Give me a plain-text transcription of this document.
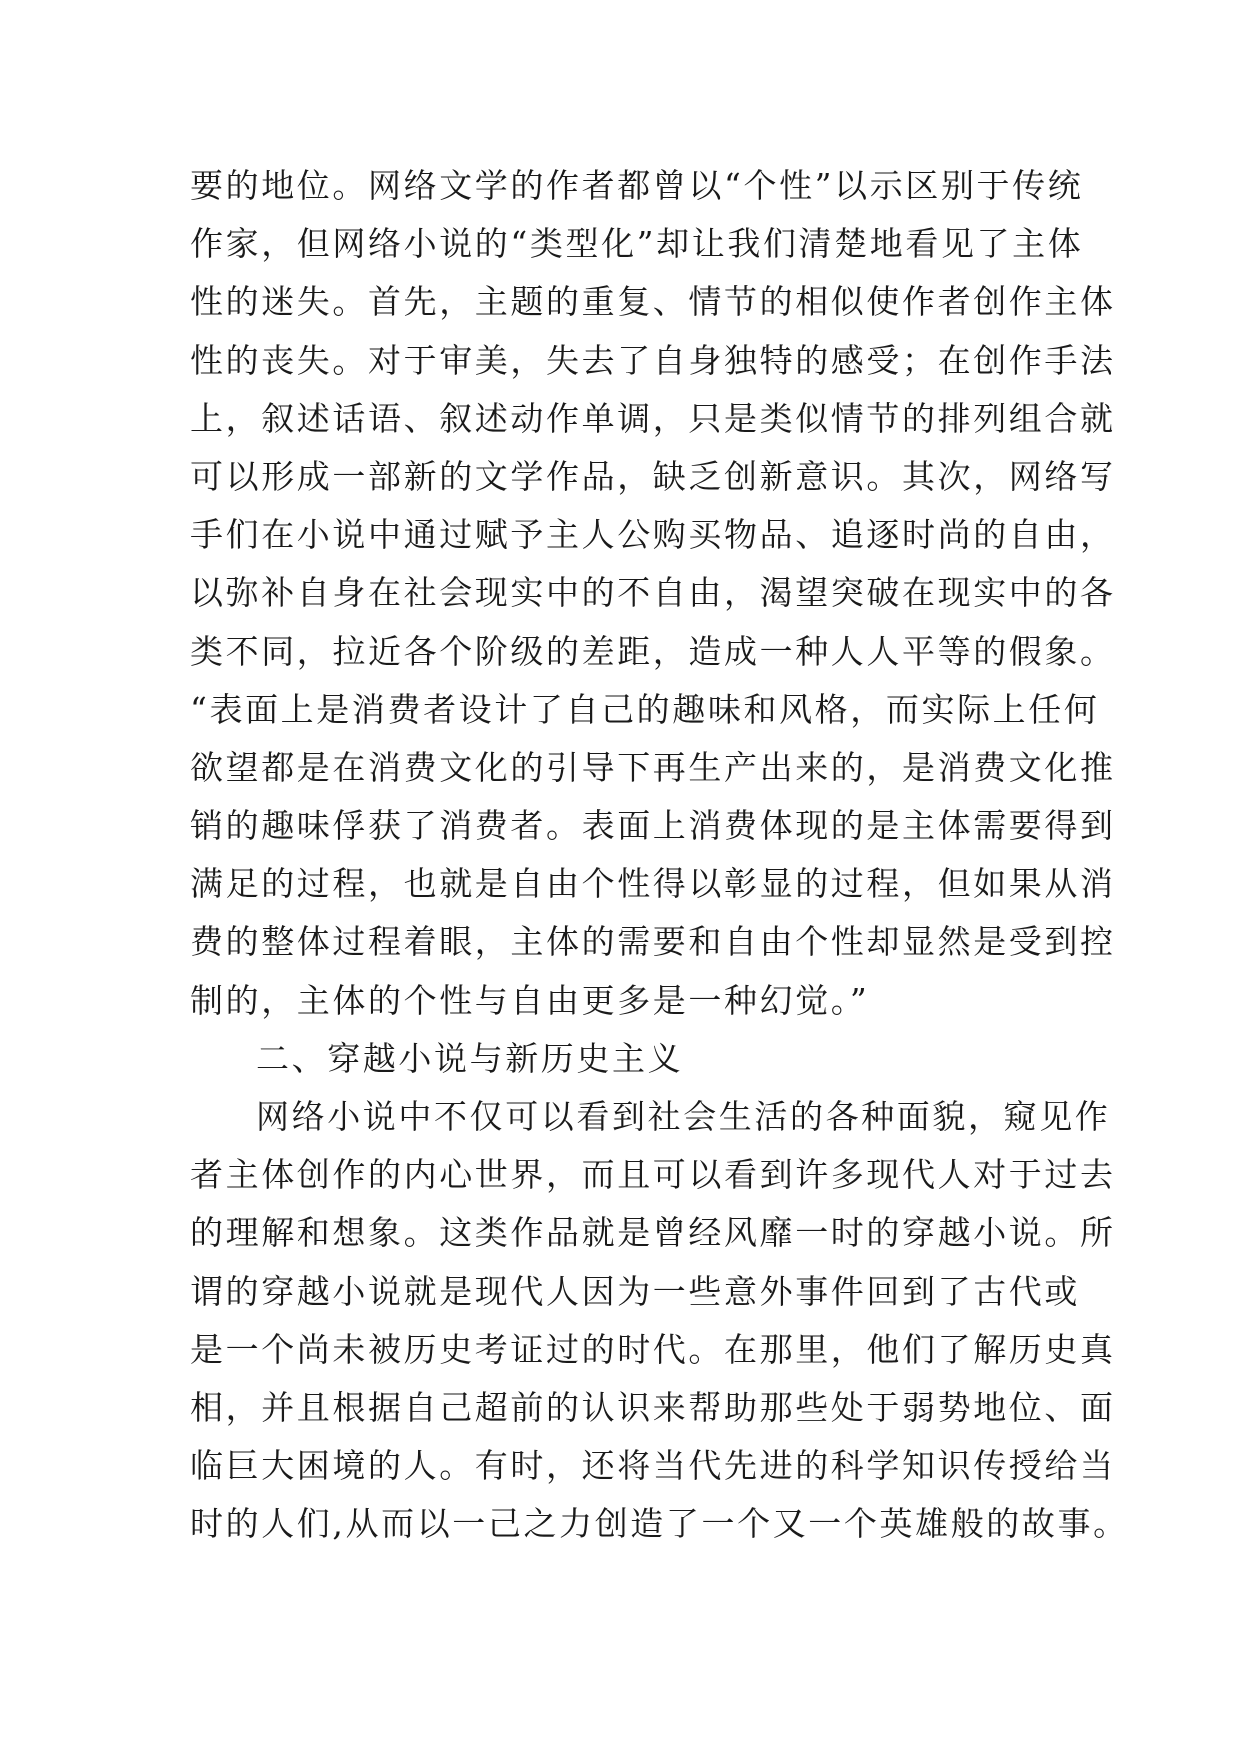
要的地位。网络文学的作者都曾以“个性”以示区别于传统
作家，但网络小说的“类型化”却让我们清楚地看见了主体
性的迷失。首先，主题的重复、情节的相似使作者创作主体
性的丧失。对于审美，失去了自身独特的感受；在创作手法
上，叙述话语、叙述动作单调，只是类似情节的排列组合就
可以形成一部新的文学作品，缺乏创新意识。其次，网络写
手们在小说中通过赋予主人公购买物品、追逐时尚的自由，
以弥补自身在社会现实中的不自由，渴望突破在现实中的各
类不同，拉近各个阶级的差距，造成一种人人平等的假象。
“表面上是消费者设计了自己的趣味和风格，而实际上任何
欲望都是在消费文化的引导下再生产出来的，是消费文化推
销的趣味俘获了消费者。表面上消费体现的是主体需要得到
满足的过程，也就是自由个性得以彰显的过程，但如果从消
费的整体过程着眼，主体的需要和自由个性却显然是受到控
制的，主体的个性与自由更多是一种幻觉。”
二、穿越小说与新历史主义
网络小说中不仅可以看到社会生活的各种面貌，窥见作
者主体创作的内心世界，而且可以看到许多现代人对于过去
的理解和想象。这类作品就是曾经风靡一时的穿越小说。所
谓的穿越小说就是现代人因为一些意外事件回到了古代或
是一个尚未被历史考证过的时代。在那里，他们了解历史真
相，并且根据自己超前的认识来帮助那些处于弱势地位、面
临巨大困境的人。有时，还将当代先进的科学知识传授给当
时的人们,从而以一己之力创造了一个又一个英雄般的故事。
